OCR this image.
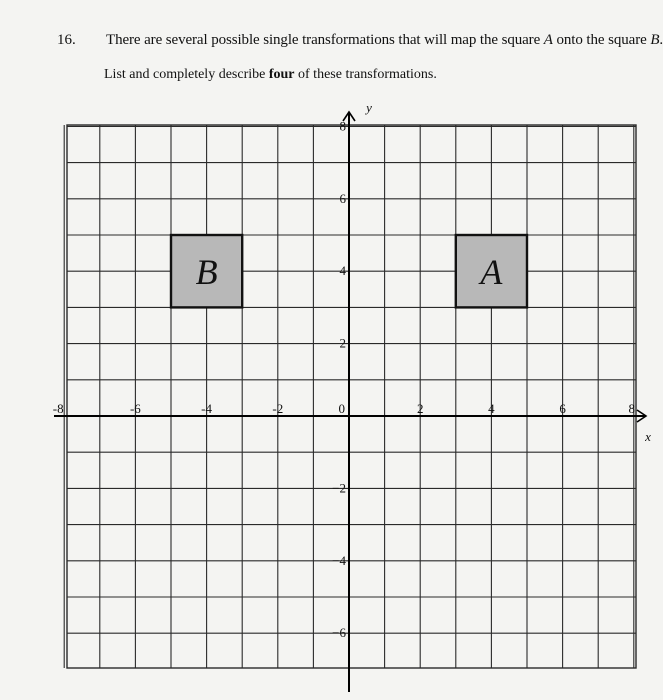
16. There are several possible single transformations that will map the square A onto the square B.
List and completely describe four of these transformations.
A
B
x
y
-8	-6	-4	-2	2	4	6	8
8
6
4
2
−2
−4
−6
0
